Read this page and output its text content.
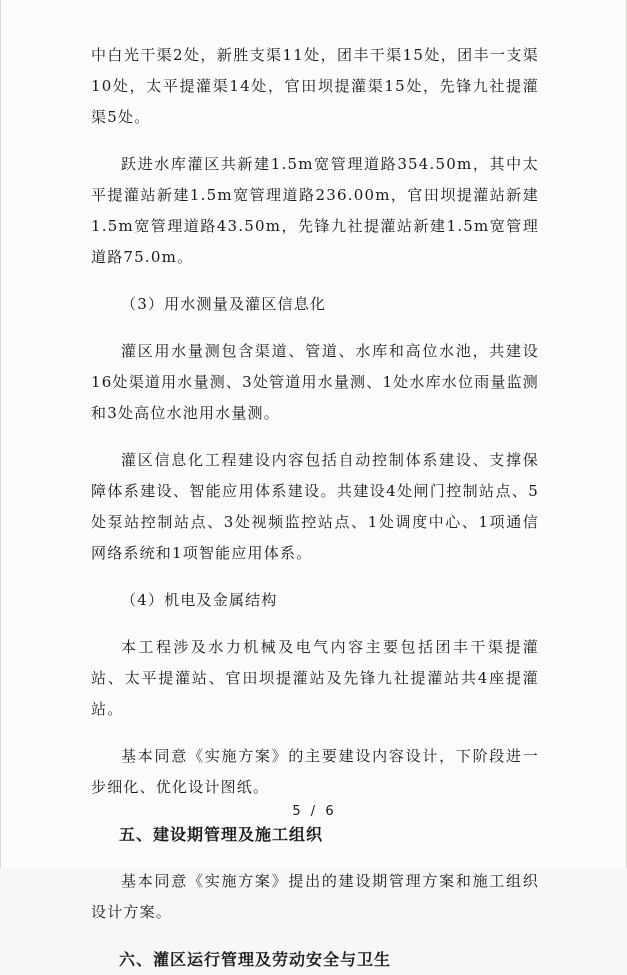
中白光干渠2处，新胜支渠11处，团丰干渠15处，团丰一支渠10处，太平提灌渠14处，官田坝提灌渠15处，先锋九社提灌渠5处。

跃进水库灌区共新建1.5m宽管理道路354.50m，其中太平提灌站新建1.5m宽管理道路236.00m，官田坝提灌站新建1.5m宽管理道路43.50m，先锋九社提灌站新建1.5m宽管理道路75.0m。

（3）用水测量及灌区信息化

灌区用水量测包含渠道、管道、水库和高位水池，共建设16处渠道用水量测、3处管道用水量测、1处水库水位雨量监测和3处高位水池用水量测。

灌区信息化工程建设内容包括自动控制体系建设、支撑保障体系建设、智能应用体系建设。共建设4处闸门控制站点、5处泵站控制站点、3处视频监控站点、1处调度中心、1项通信网络系统和1项智能应用体系。

（4）机电及金属结构

本工程涉及水力机械及电气内容主要包括团丰干渠提灌站、太平提灌站、官田坝提灌站及先锋九社提灌站共4座提灌站。

基本同意《实施方案》的主要建设内容设计，下阶段进一步细化、优化设计图纸。

五、建设期管理及施工组织

基本同意《实施方案》提出的建设期管理方案和施工组织设计方案。

六、灌区运行管理及劳动安全与卫生
5 / 6
